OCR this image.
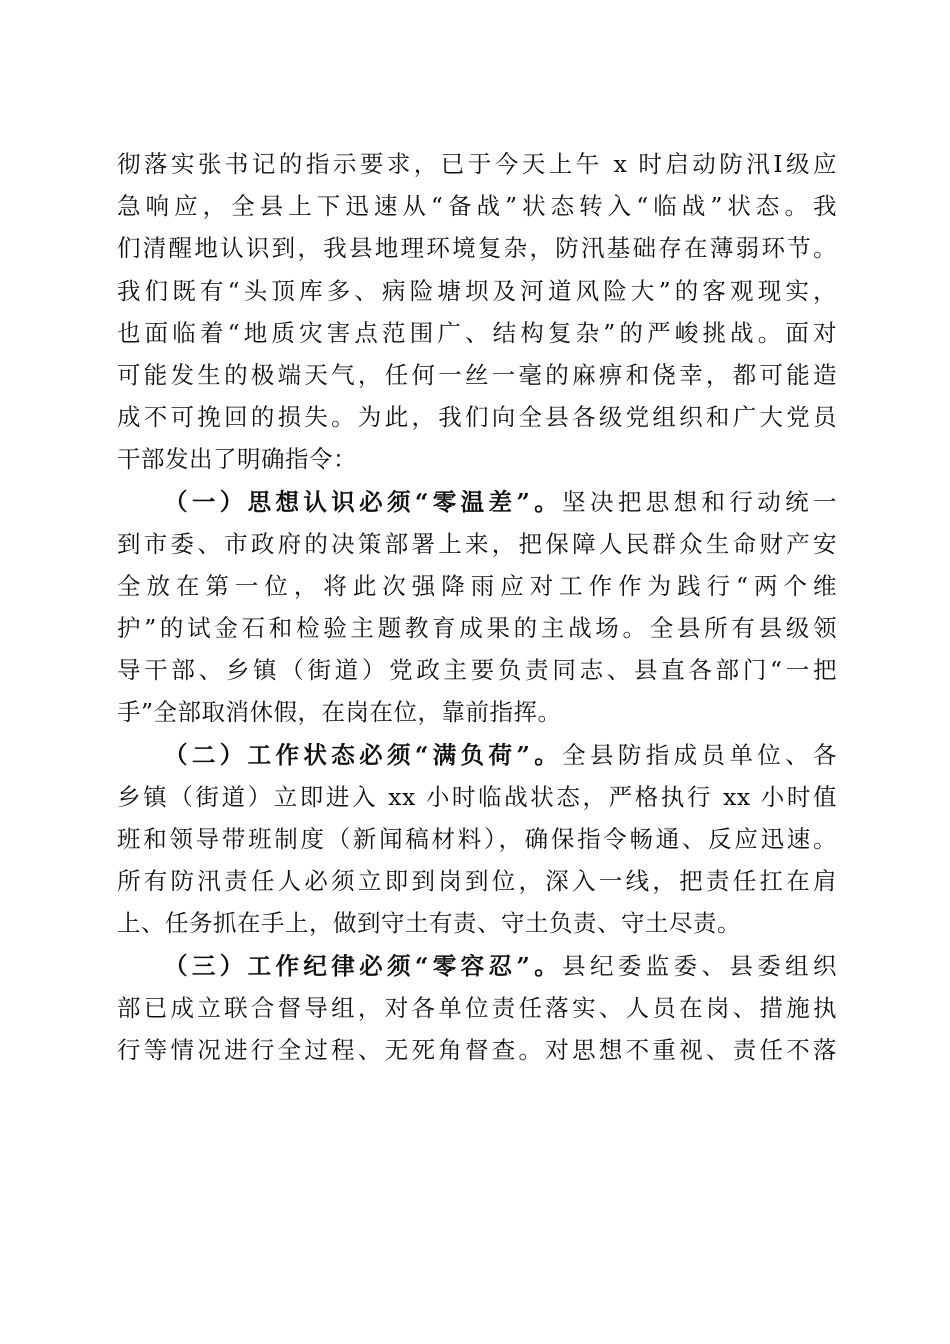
彻落实张书记的指示要求，已于今天上午 x 时启动防汛Ⅰ级应
急响应，全县上下迅速从“备战”状态转入“临战”状态。我
们清醒地认识到，我县地理环境复杂，防汛基础存在薄弱环节。
我们既有“头顶库多、病险塘坝及河道风险大”的客观现实，
也面临着“地质灾害点范围广、结构复杂”的严峻挑战。面对
可能发生的极端天气，任何一丝一毫的麻痹和侥幸，都可能造
成不可挽回的损失。为此，我们向全县各级党组织和广大党员
干部发出了明确指令：
（一）思想认识必须“零温差”。坚决把思想和行动统一
到市委、市政府的决策部署上来，把保障人民群众生命财产安
全放在第一位，将此次强降雨应对工作作为践行“两个维
护”的试金石和检验主题教育成果的主战场。全县所有县级领
导干部、乡镇（街道）党政主要负责同志、县直各部门“一把
手”全部取消休假，在岗在位，靠前指挥。
（二）工作状态必须“满负荷”。全县防指成员单位、各
乡镇（街道）立即进入 xx 小时临战状态，严格执行 xx 小时值
班和领导带班制度（新闻稿材料），确保指令畅通、反应迅速。
所有防汛责任人必须立即到岗到位，深入一线，把责任扛在肩
上、任务抓在手上，做到守土有责、守土负责、守土尽责。
（三）工作纪律必须“零容忍”。县纪委监委、县委组织
部已成立联合督导组，对各单位责任落实、人员在岗、措施执
行等情况进行全过程、无死角督查。对思想不重视、责任不落
